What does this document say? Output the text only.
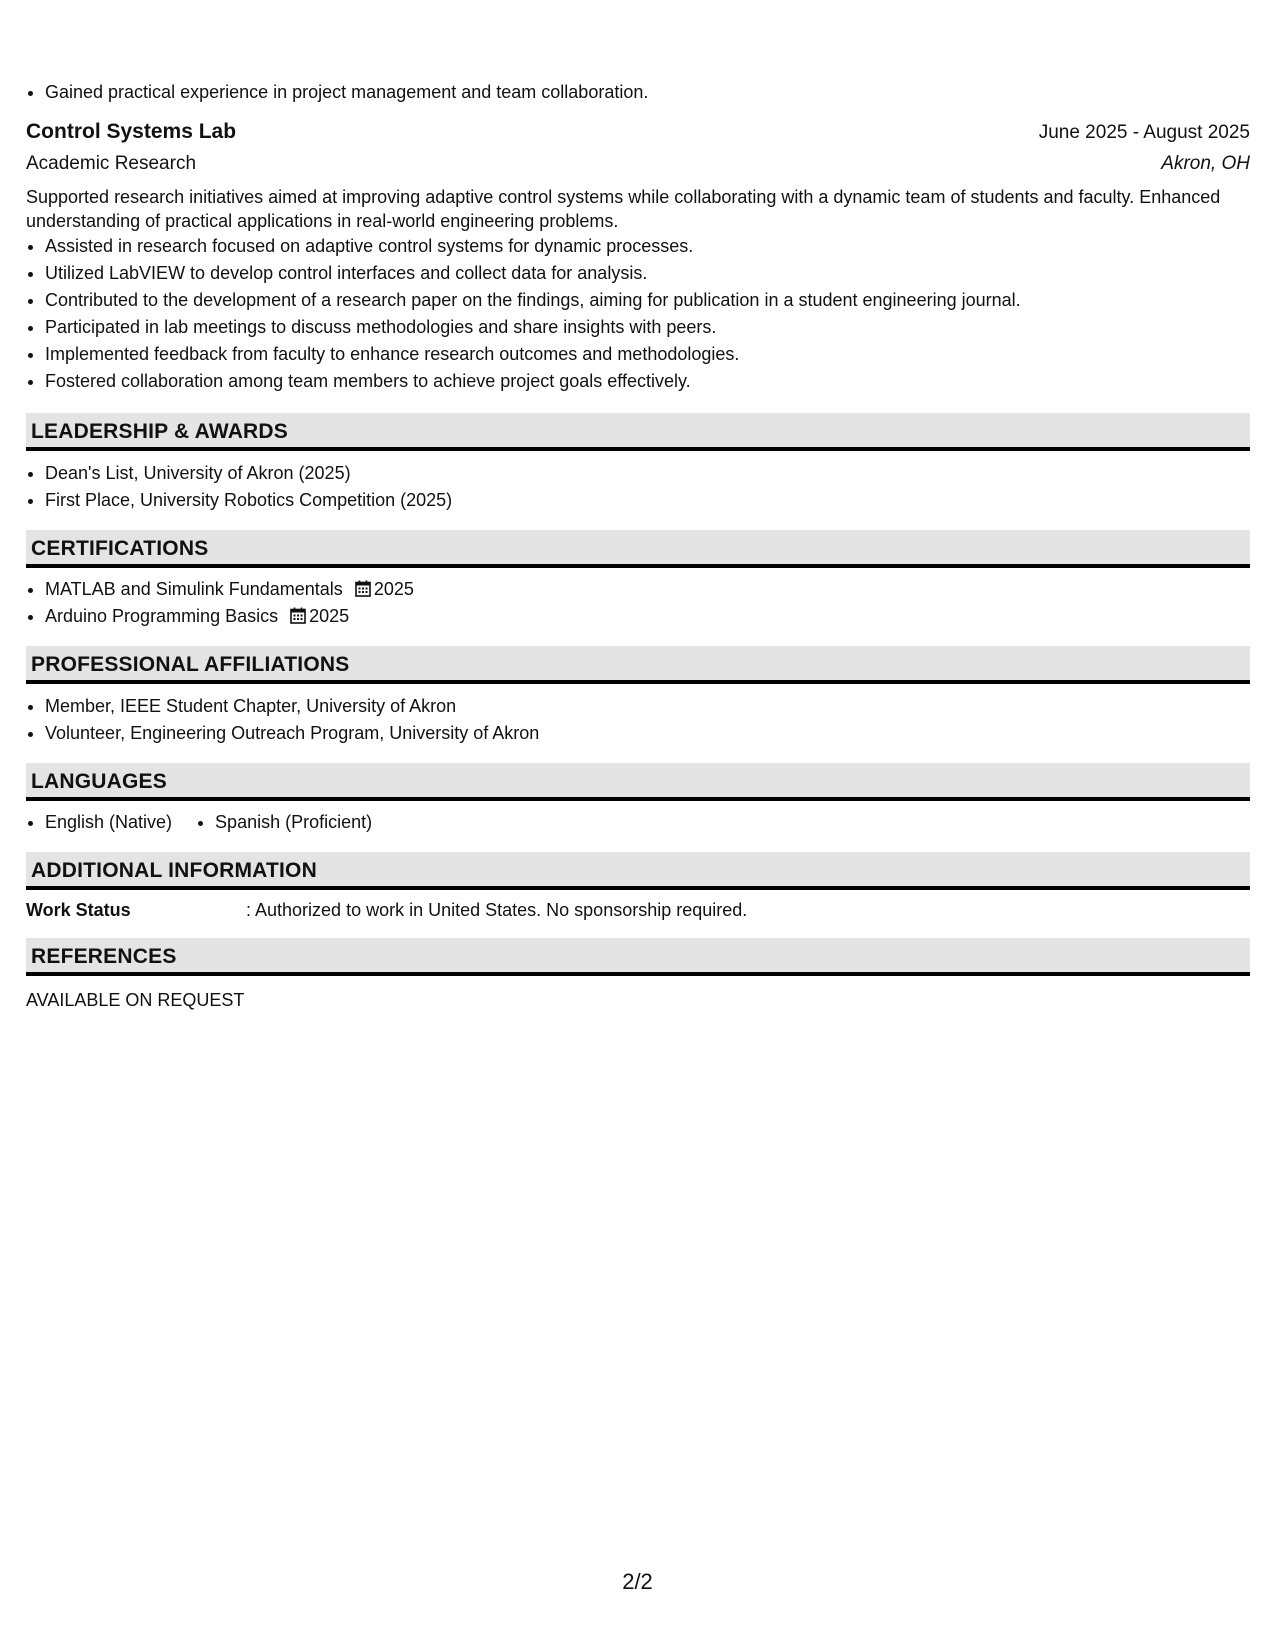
• Gained practical experience in project management and team collaboration.
Control Systems Lab	June 2025 - August 2025
Academic Research	Akron, OH
Supported research initiatives aimed at improving adaptive control systems while collaborating with a dynamic team of students and faculty. Enhanced understanding of practical applications in real-world engineering problems.
• Assisted in research focused on adaptive control systems for dynamic processes.
• Utilized LabVIEW to develop control interfaces and collect data for analysis.
• Contributed to the development of a research paper on the findings, aiming for publication in a student engineering journal.
• Participated in lab meetings to discuss methodologies and share insights with peers.
• Implemented feedback from faculty to enhance research outcomes and methodologies.
• Fostered collaboration among team members to achieve project goals effectively.
LEADERSHIP & AWARDS
• Dean's List, University of Akron (2025)
• First Place, University Robotics Competition (2025)
CERTIFICATIONS
• MATLAB and Simulink Fundamentals 2025
• Arduino Programming Basics 2025
PROFESSIONAL AFFILIATIONS
• Member, IEEE Student Chapter, University of Akron
• Volunteer, Engineering Outreach Program, University of Akron
LANGUAGES
• English (Native)
• Spanish (Proficient)
ADDITIONAL INFORMATION
Work Status	: Authorized to work in United States. No sponsorship required.
REFERENCES
AVAILABLE ON REQUEST
2/2
